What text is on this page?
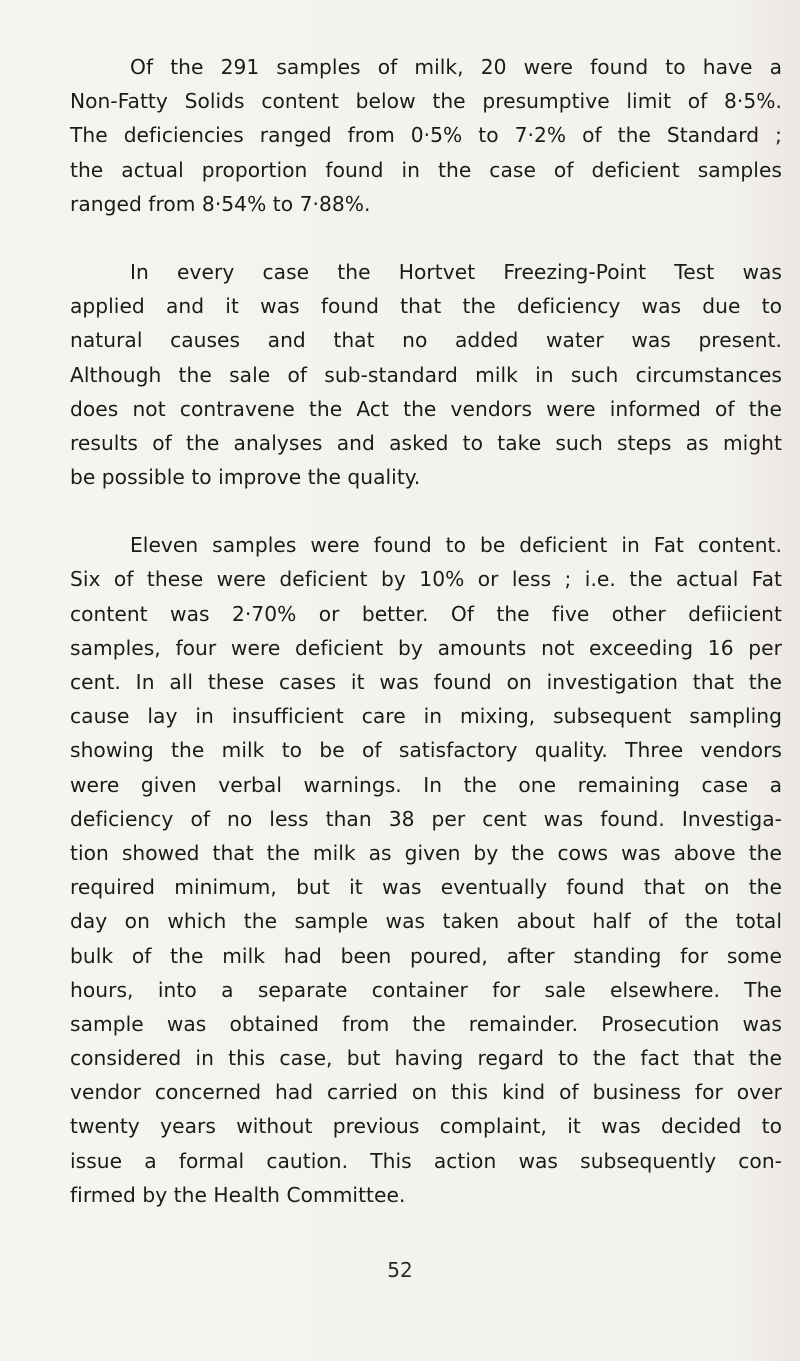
Of the 291 samples of milk, 20 were found to have a
Non-Fatty Solids content below the presumptive limit of 8·5%.
The deficiencies ranged from 0·5% to 7·2% of the Standard ;
the actual proportion found in the case of deficient samples
ranged from 8·54% to 7·88%.
In every case the Hortvet Freezing-Point Test was
applied and it was found that the deficiency was due to
natural causes and that no added water was present.
Although the sale of sub-standard milk in such circumstances
does not contravene the Act the vendors were informed of the
results of the analyses and asked to take such steps as might
be possible to improve the quality.
Eleven samples were found to be deficient in Fat content.
Six of these were deficient by 10% or less ; i.e. the actual Fat
content was 2·70% or better. Of the five other defiicient
samples, four were deficient by amounts not exceeding 16 per
cent. In all these cases it was found on investigation that the
cause lay in insufficient care in mixing, subsequent sampling
showing the milk to be of satisfactory quality. Three vendors
were given verbal warnings. In the one remaining case a
deficiency of no less than 38 per cent was found. Investiga-
tion showed that the milk as given by the cows was above the
required minimum, but it was eventually found that on the
day on which the sample was taken about half of the total
bulk of the milk had been poured, after standing for some
hours, into a separate container for sale elsewhere. The
sample was obtained from the remainder. Prosecution was
considered in this case, but having regard to the fact that the
vendor concerned had carried on this kind of business for over
twenty years without previous complaint, it was decided to
issue a formal caution. This action was subsequently con-
firmed by the Health Committee.
52
